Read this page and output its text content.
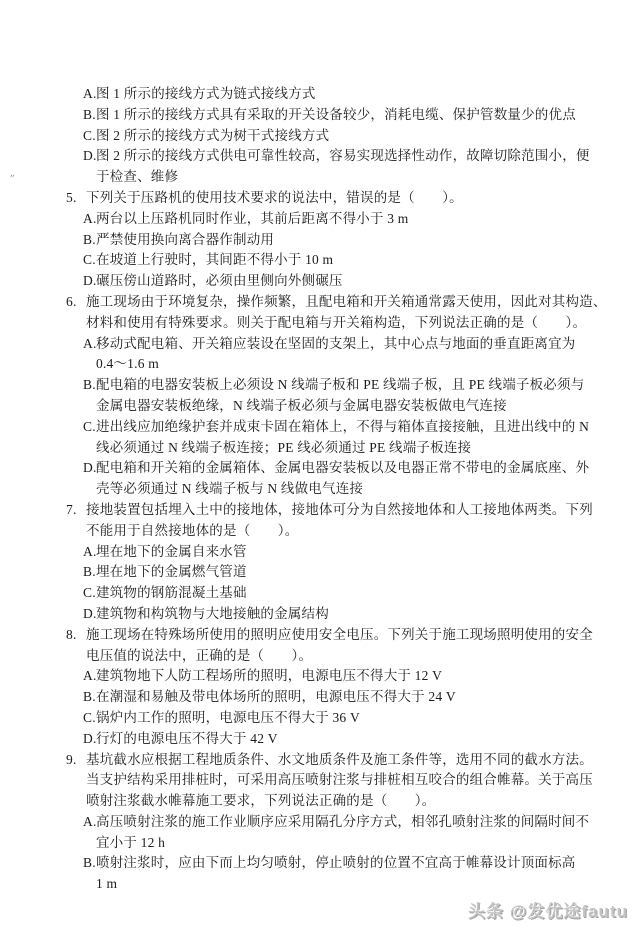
”
A.图 1 所示的接线方式为链式接线方式
B.图 1 所示的接线方式具有采取的开关设备较少，消耗电缆、保护管数量少的优点
C.图 2 所示的接线方式为树干式接线方式
D.图 2 所示的接线方式供电可靠性较高，容易实现选择性动作，故障切除范围小，便
于检查、维修
5. 下列关于压路机的使用技术要求的说法中，错误的是（　　）。
A.两台以上压路机同时作业，其前后距离不得小于 3 m
B.严禁使用换向离合器作制动用
C.在坡道上行驶时，其间距不得小于 10 m
D.碾压傍山道路时，必须由里侧向外侧碾压
6. 施工现场由于环境复杂，操作频繁，且配电箱和开关箱通常露天使用，因此对其构造、
材料和使用有特殊要求。则关于配电箱与开关箱构造，下列说法正确的是（　　）。
A.移动式配电箱、开关箱应装设在坚固的支架上，其中心点与地面的垂直距离宜为
0.4～1.6 m
B.配电箱的电器安装板上必须设 N 线端子板和 PE 线端子板，且 PE 线端子板必须与
金属电器安装板绝缘，N 线端子板必须与金属电器安装板做电气连接
C.进出线应加绝缘护套并成束卡固在箱体上，不得与箱体直接接触，且进出线中的 N
线必须通过 N 线端子板连接；PE 线必须通过 PE 线端子板连接
D.配电箱和开关箱的金属箱体、金属电器安装板以及电器正常不带电的金属底座、外
壳等必须通过 N 线端子板与 N 线做电气连接
7. 接地装置包括埋入土中的接地体，接地体可分为自然接地体和人工接地体两类。下列
不能用于自然接地体的是（　　）。
A.埋在地下的金属自来水管
B.埋在地下的金属燃气管道
C.建筑物的钢筋混凝土基础
D.建筑物和构筑物与大地接触的金属结构
8. 施工现场在特殊场所使用的照明应使用安全电压。下列关于施工现场照明使用的安全
电压值的说法中，正确的是（　　）。
A.建筑物地下人防工程场所的照明，电源电压不得大于 12 V
B.在潮湿和易触及带电体场所的照明，电源电压不得大于 24 V
C.锅炉内工作的照明，电源电压不得大于 36 V
D.行灯的电源电压不得大于 42 V
9. 基坑截水应根据工程地质条件、水文地质条件及施工条件等，选用不同的截水方法。
当支护结构采用排桩时，可采用高压喷射注浆与排桩相互咬合的组合帷幕。关于高压
喷射注浆截水帷幕施工要求，下列说法正确的是（　　）。
A.高压喷射注浆的施工作业顺序应采用隔孔分序方式，相邻孔喷射注浆的间隔时间不
宜小于 12 h
B.喷射注浆时，应由下而上均匀喷射，停止喷射的位置不宜高于帷幕设计顶面标高
1 m
头条 @发优途fautu
